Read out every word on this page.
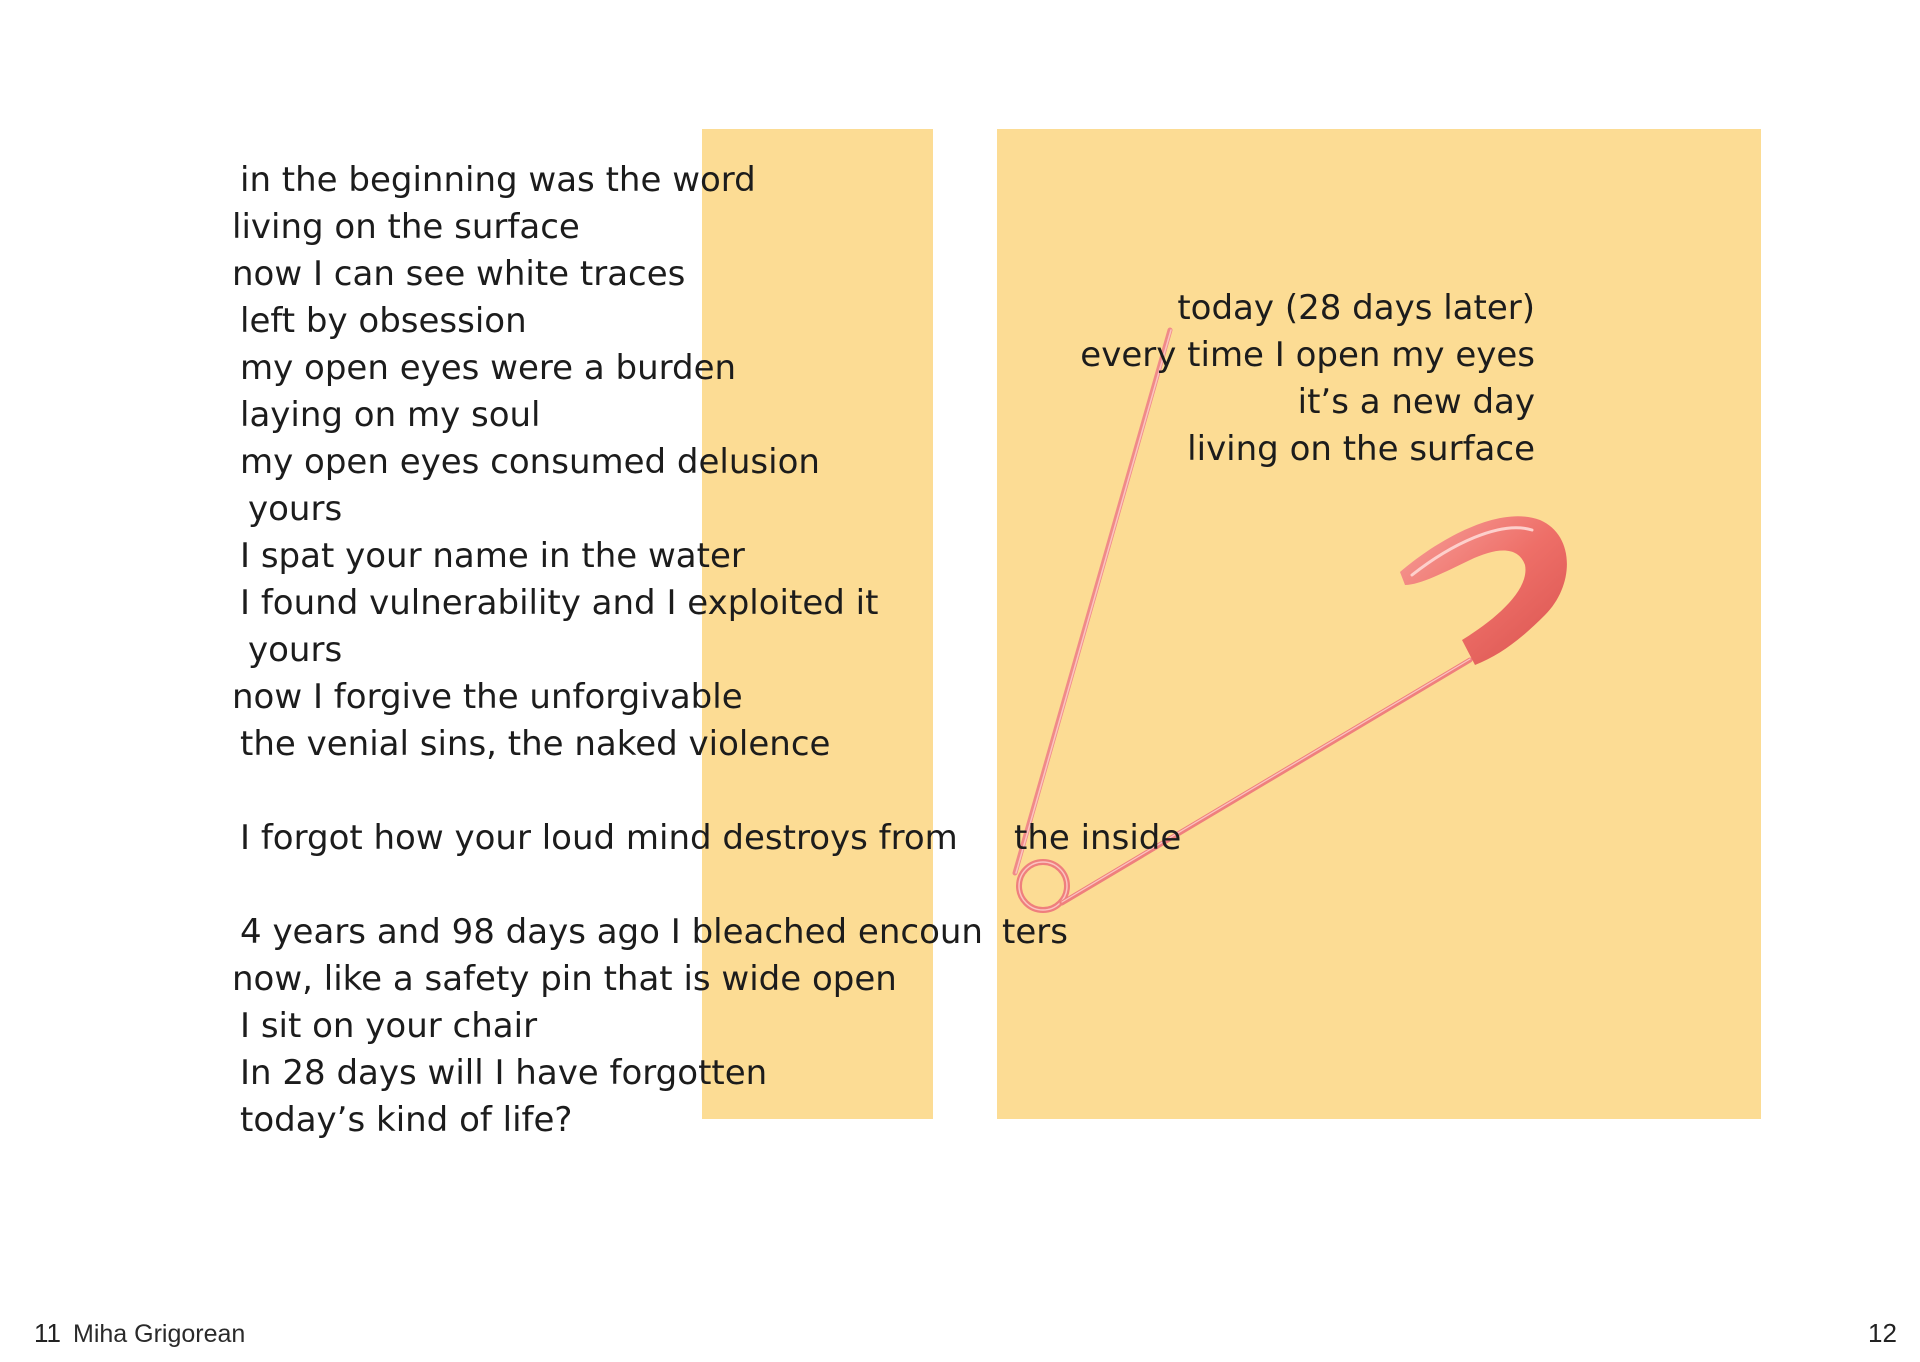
in the beginning was the word
living on the surface
now I can see white traces
left by obsession
my open eyes were a burden
laying on my soul
my open eyes consumed delusion
yours
I spat your name in the water
I found vulnerability and I exploited it
yours
now I forgive the unforgivable
the venial sins, the naked violence
I forgot how your loud mind destroys from the inside
4 years and 98 days ago I bleached encoun ters
now, like a safety pin that is wide open
I sit on your chair
In 28 days will I have forgotten
today’s kind of life?
today (28 days later)
every time I open my eyes
it’s a new day
living on the surface
11 Miha Grigorean	12
